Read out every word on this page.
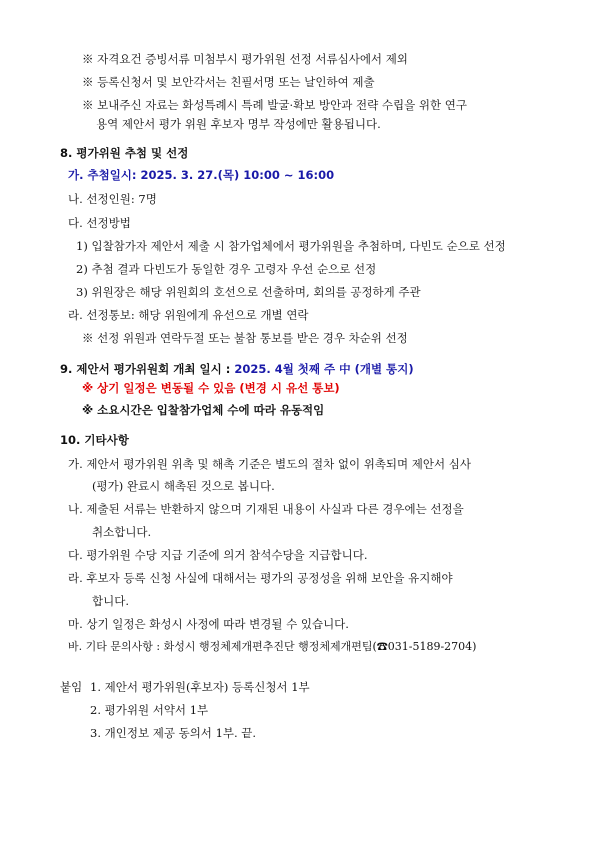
※ 자격요건 증빙서류 미첨부시 평가위원 선정 서류심사에서 제외
※ 등록신청서 및 보안각서는 친필서명 또는 날인하여 제출
※ 보내주신 자료는 화성특례시 특례 발굴·확보 방안과 전략 수립을 위한 연구
용역 제안서 평가 위원 후보자 명부 작성에만 활용됩니다.
8. 평가위원 추첨 및 선정
가. 추첨일시: 2025. 3. 27.(목) 10:00 ~ 16:00
나. 선정인원: 7명
다. 선정방법
1) 입찰참가자 제안서 제출 시 참가업체에서 평가위원을 추첨하며, 다빈도 순으로 선정
2) 추첨 결과 다빈도가 동일한 경우 고령자 우선 순으로 선정
3) 위원장은 해당 위원회의 호선으로 선출하며, 회의를 공정하게 주관
라. 선정통보: 해당 위원에게 유선으로 개별 연락
※ 선정 위원과 연락두절 또는 불참 통보를 받은 경우 차순위 선정
9. 제안서 평가위원회 개최 일시 : 2025. 4월 첫째 주 中 (개별 통지)
※ 상기 일정은 변동될 수 있음 (변경 시 유선 통보)
※ 소요시간은 입찰참가업체 수에 따라 유동적임
10. 기타사항
가. 제안서 평가위원 위촉 및 해촉 기준은 별도의 절차 없이 위촉되며 제안서 심사
(평가) 완료시 해촉된 것으로 봅니다.
나. 제출된 서류는 반환하지 않으며 기재된 내용이 사실과 다른 경우에는 선정을
취소합니다.
다. 평가위원 수당 지급 기준에 의거 참석수당을 지급합니다.
라. 후보자 등록 신청 사실에 대해서는 평가의 공정성을 위해 보안을 유지해야
합니다.
마. 상기 일정은 화성시 사정에 따라 변경될 수 있습니다.
바. 기타 문의사항 : 화성시 행정체제개편추진단 행정체제개편팀(☎031-5189-2704)
붙임 1. 제안서 평가위원(후보자) 등록신청서 1부
2. 평가위원 서약서 1부
3. 개인정보 제공 동의서 1부. 끝.
